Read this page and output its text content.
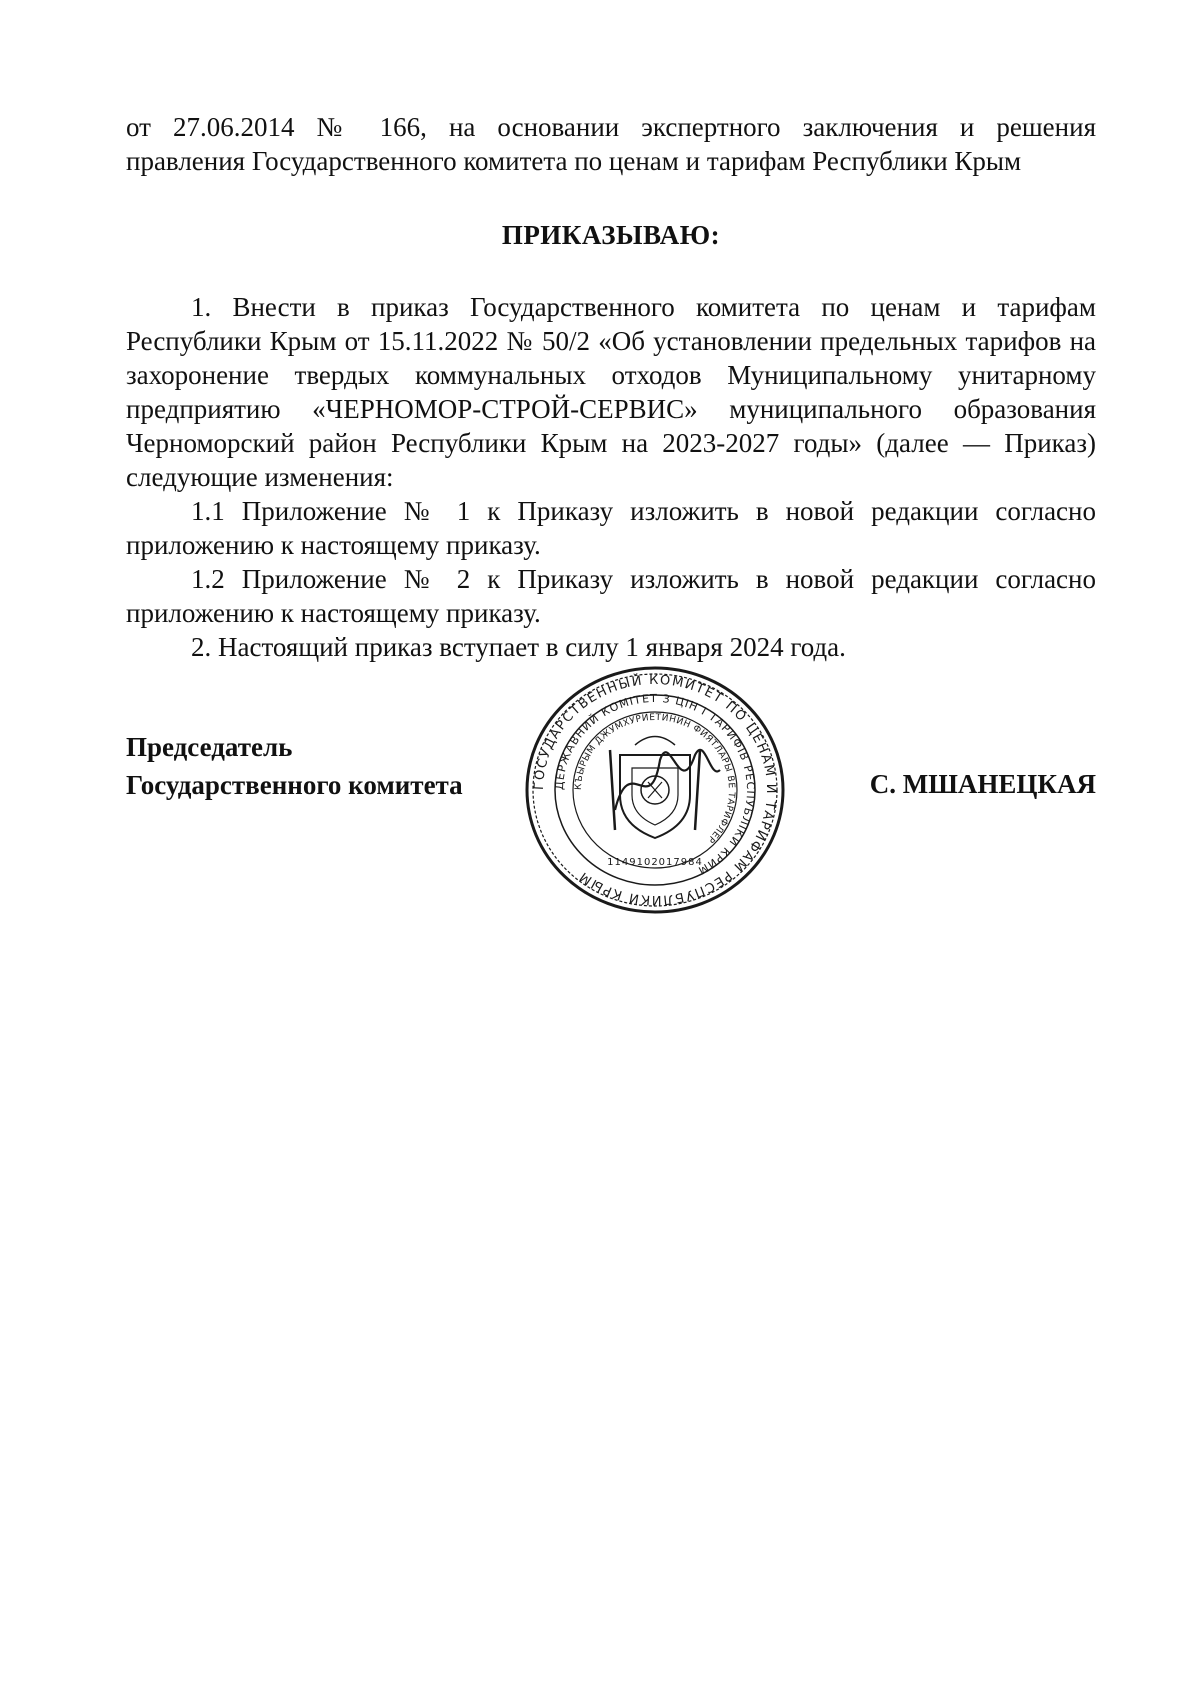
от 27.06.2014 № 166, на основании экспертного заключения и решения

правления Государственного комитета по ценам и тарифам Республики Крым

ПРИКАЗЫВАЮ:

1. Внести в приказ Государственного комитета по ценам и тарифам Республики Крым от 15.11.2022 № 50/2 «Об установлении предельных тарифов на захоронение твердых коммунальных отходов Муниципальному унитарному предприятию «ЧЕРНОМОР-СТРОЙ-СЕРВИС» муниципального образования Черноморский район Республики Крым на 2023-2027 годы» (далее — Приказ) следующие изменения:

1.1 Приложение № 1 к Приказу изложить в новой редакции согласно приложению к настоящему приказу.

1.2 Приложение № 2 к Приказу изложить в новой редакции согласно приложению к настоящему приказу.

2. Настоящий приказ вступает в силу 1 января 2024 года.

Председатель
Государственного комитета	ГОСУДАРСТВЕННЫЙ КОМИТЕТ ПО ЦЕНАМ И ТАРИФАМ РЕСПУБЛИКИ КРЫМ
ДЕРЖАВНИЙ КОМІТЕТ З ЦІН І ТАРИФІВ РЕСПУБЛІКИ КРИМ
КЪЫРЫМ ДЖУМХУРИЕТИНИН ФИЯТЛАРЫ ВЕ ТАРИФЛЕР
1149102017984
С. МШАНЕЦКАЯ
